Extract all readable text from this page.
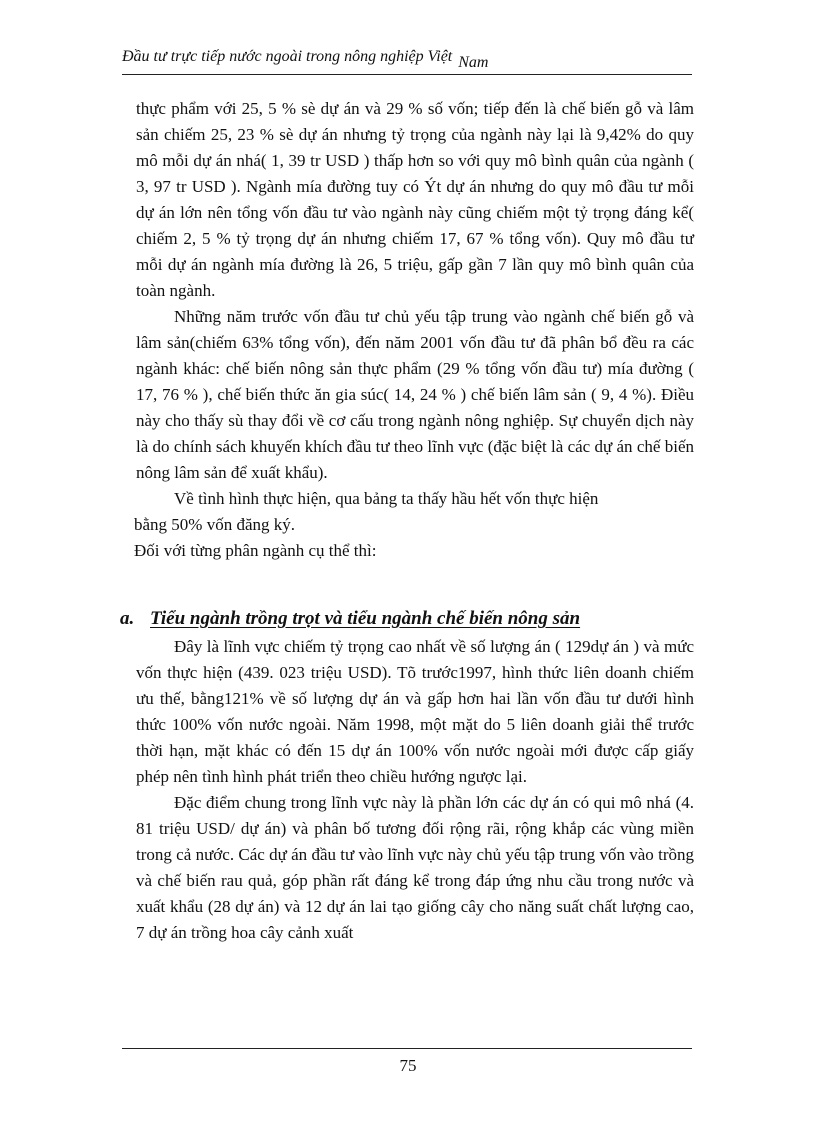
Đầu tư trực tiếp nước ngoài trong nông nghiệp Việt Nam

thực phẩm với 25, 5 % sè dự án và 29 % số vốn; tiếp đến là chế biến gỗ và lâm sản chiếm 25, 23 % sè dự án nhưng tỷ trọng của ngành này lại là 9,42% do quy mô mỗi dự án nhá( 1, 39 tr USD ) thấp hơn so với quy mô bình quân của ngành ( 3, 97 tr USD ). Ngành mía đường tuy có Ýt dự án nhưng do quy mô đầu tư mỗi dự án lớn nên tổng vốn đầu tư vào ngành này cũng chiếm một tỷ trọng đáng kể( chiếm 2, 5 % tỷ trọng dự án nhưng chiếm 17, 67 % tổng vốn). Quy mô đầu tư mỗi dự án ngành mía đường là 26, 5 triệu, gấp gần 7 lần quy mô bình quân của toàn ngành.

Những năm trước vốn đầu tư chủ yếu tập trung vào ngành chế biến gỗ và lâm sản(chiếm 63% tổng vốn), đến năm 2001 vốn đầu tư đã phân bổ đều ra các ngành khác: chế biến nông sản thực phẩm (29 % tổng vốn đầu tư) mía đường ( 17, 76 % ), chế biến thức ăn gia súc( 14, 24 % ) chế biến lâm sản ( 9, 4 %). Điều này cho thấy sù thay đổi về cơ cấu trong ngành nông nghiệp. Sự chuyển dịch này là do chính sách khuyến khích đầu tư theo lĩnh vực (đặc biệt là các dự án chế biến nông lâm sản để xuất khẩu).

Về tình hình thực hiện, qua bảng ta thấy hầu hết vốn thực hiện

bằng 50% vốn đăng ký.

Đối với từng phân ngành cụ thể thì:

a. Tiểu ngành trồng trọt và tiểu ngành chế biến nông sản

Đây là lĩnh vực chiếm tỷ trọng cao nhất về số lượng án ( 129dự án ) và mức vốn thực hiện (439. 023 triệu USD). Tõ trước1997, hình thức liên doanh chiếm ưu thế, bằng121% về số lượng dự án và gấp hơn hai lần vốn đầu tư dưới hình thức 100% vốn nước ngoài. Năm 1998, một mặt do 5 liên doanh giải thể trước thời hạn, mặt khác có đến 15 dự án 100% vốn nước ngoài mới được cấp giấy phép nên tình hình phát triển theo chiều hướng ngược lại.

Đặc điểm chung trong lĩnh vực này là phần lớn các dự án có qui mô nhá (4. 81 triệu USD/ dự án) và phân bố tương đối rộng rãi, rộng khắp các vùng miền trong cả nước. Các dự án đầu tư vào lĩnh vực này chủ yếu tập trung vốn vào trồng và chế biến rau quả, góp phần rất đáng kể trong đáp ứng nhu cầu trong nước và xuất khẩu (28 dự án) và 12 dự án lai tạo giống cây cho năng suất chất lượng cao, 7 dự án trồng hoa cây cảnh xuất

75
